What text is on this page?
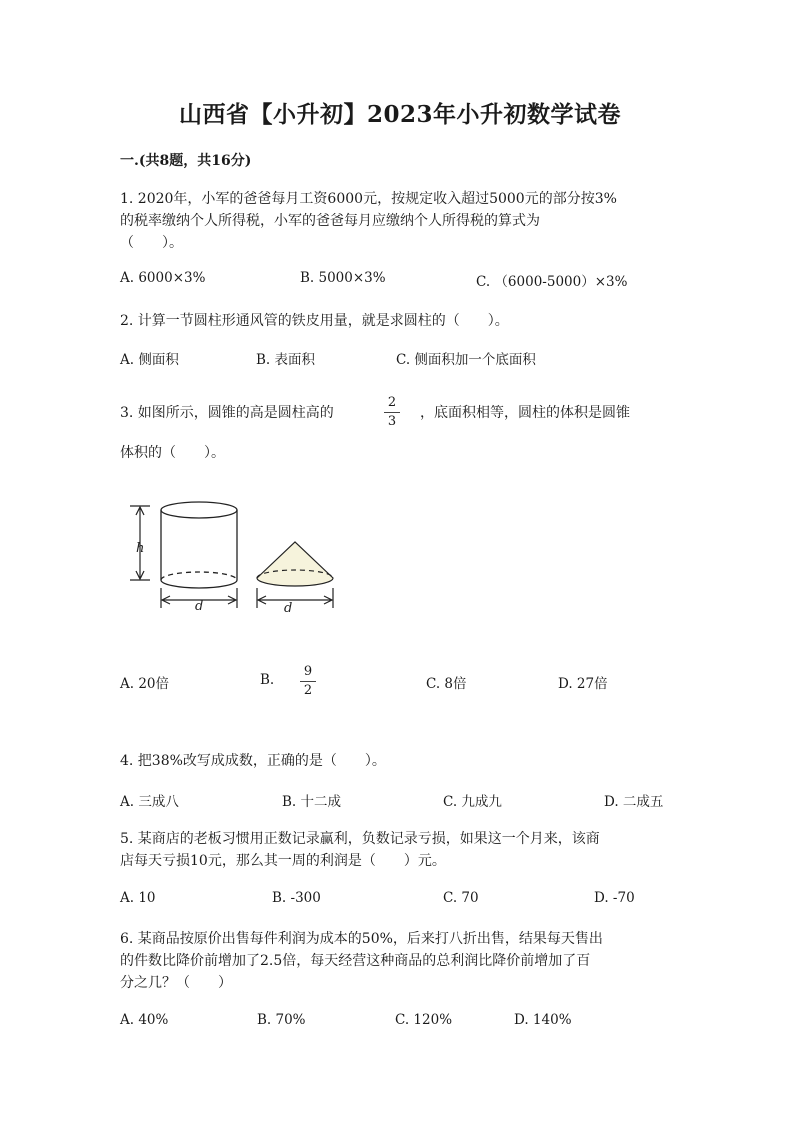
山西省【小升初】2023年小升初数学试卷
一.(共8题，共16分)
1. 2020年，小军的爸爸每月工资6000元，按规定收入超过5000元的部分按3%
的税率缴纳个人所得税，小军的爸爸每月应缴纳个人所得税的算式为
（　　）。
A. 6000×3%	B. 5000×3%	C. （6000-5000）×3%
2. 计算一节圆柱形通风管的铁皮用量，就是求圆柱的（　　）。
A. 侧面积	B. 表面积	C. 侧面积加一个底面积
3. 如图所示，圆锥的高是圆柱高的
2
3
，底面积相等，圆柱的体积是圆锥
体积的（　　）。
h
d	d
A. 20倍	B.
9
2	C. 8倍	D. 27倍
4. 把38%改写成成数，正确的是（　　）。
A. 三成八	B. 十二成	C. 九成九	D. 二成五
5. 某商店的老板习惯用正数记录赢利，负数记录亏损，如果这一个月来，该商
店每天亏损10元，那么其一周的利润是（　　）元。
A. 10	B. -300	C. 70	D. -70
6. 某商品按原价出售每件利润为成本的50%，后来打八折出售，结果每天售出
的件数比降价前增加了2.5倍，每天经营这种商品的总利润比降价前增加了百
分之几？（　　）
A. 40%	B. 70%	C. 120%	D. 140%
